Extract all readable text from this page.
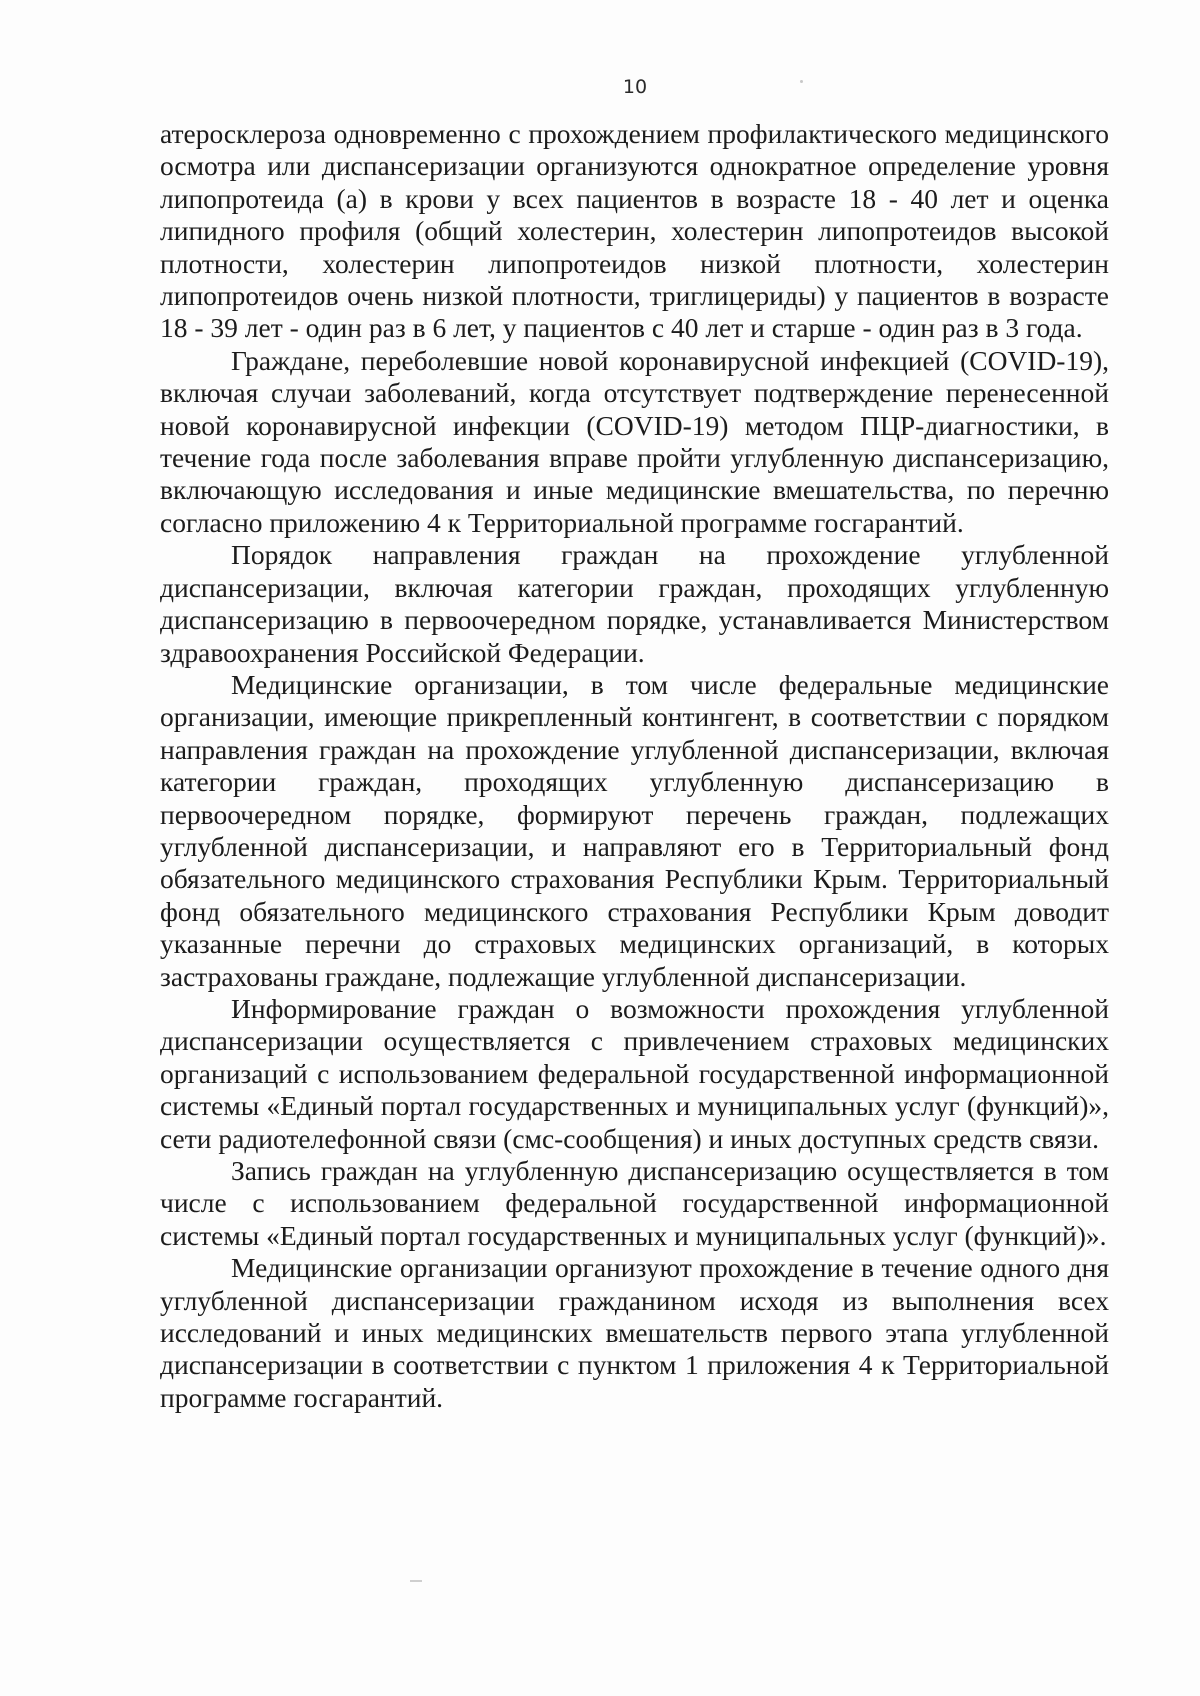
10

атеросклероза одновременно с прохождением профилактического медицинского осмотра или диспансеризации организуются однократное определение уровня липопротеида (а) в крови у всех пациентов в возрасте 18 - 40 лет и оценка липидного профиля (общий холестерин, холестерин липопротеидов высокой плотности, холестерин липопротеидов низкой плотности, холестерин липопротеидов очень низкой плотности, триглицериды) у пациентов в возрасте 18 - 39 лет - один раз в 6 лет, у пациентов с 40 лет и старше - один раз в 3 года.

Граждане, переболевшие новой коронавирусной инфекцией (COVID-19), включая случаи заболеваний, когда отсутствует подтверждение перенесенной новой коронавирусной инфекции (COVID-19) методом ПЦР-диагностики, в течение года после заболевания вправе пройти углубленную диспансеризацию, включающую исследования и иные медицинские вмешательства, по перечню согласно приложению 4 к Территориальной программе госгарантий.

Порядок направления граждан на прохождение углубленной диспансеризации, включая категории граждан, проходящих углубленную диспансеризацию в первоочередном порядке, устанавливается Министерством здравоохранения Российской Федерации.

Медицинские организации, в том числе федеральные медицинские организации, имеющие прикрепленный контингент, в соответствии с порядком направления граждан на прохождение углубленной диспансеризации, включая категории граждан, проходящих углубленную диспансеризацию в первоочередном порядке, формируют перечень граждан, подлежащих углубленной диспансеризации, и направляют его в Территориальный фонд обязательного медицинского страхования Республики Крым. Территориальный фонд обязательного медицинского страхования Республики Крым доводит указанные перечни до страховых медицинских организаций, в которых застрахованы граждане, подлежащие углубленной диспансеризации.

Информирование граждан о возможности прохождения углубленной диспансеризации осуществляется с привлечением страховых медицинских организаций с использованием федеральной государственной информационной системы «Единый портал государственных и муниципальных услуг (функций)», сети радиотелефонной связи (смс-сообщения) и иных доступных средств связи.

Запись граждан на углубленную диспансеризацию осуществляется в том числе с использованием федеральной государственной информационной системы «Единый портал государственных и муниципальных услуг (функций)».

Медицинские организации организуют прохождение в течение одного дня углубленной диспансеризации гражданином исходя из выполнения всех исследований и иных медицинских вмешательств первого этапа углубленной диспансеризации в соответствии с пунктом 1 приложения 4 к Территориальной программе госгарантий.
